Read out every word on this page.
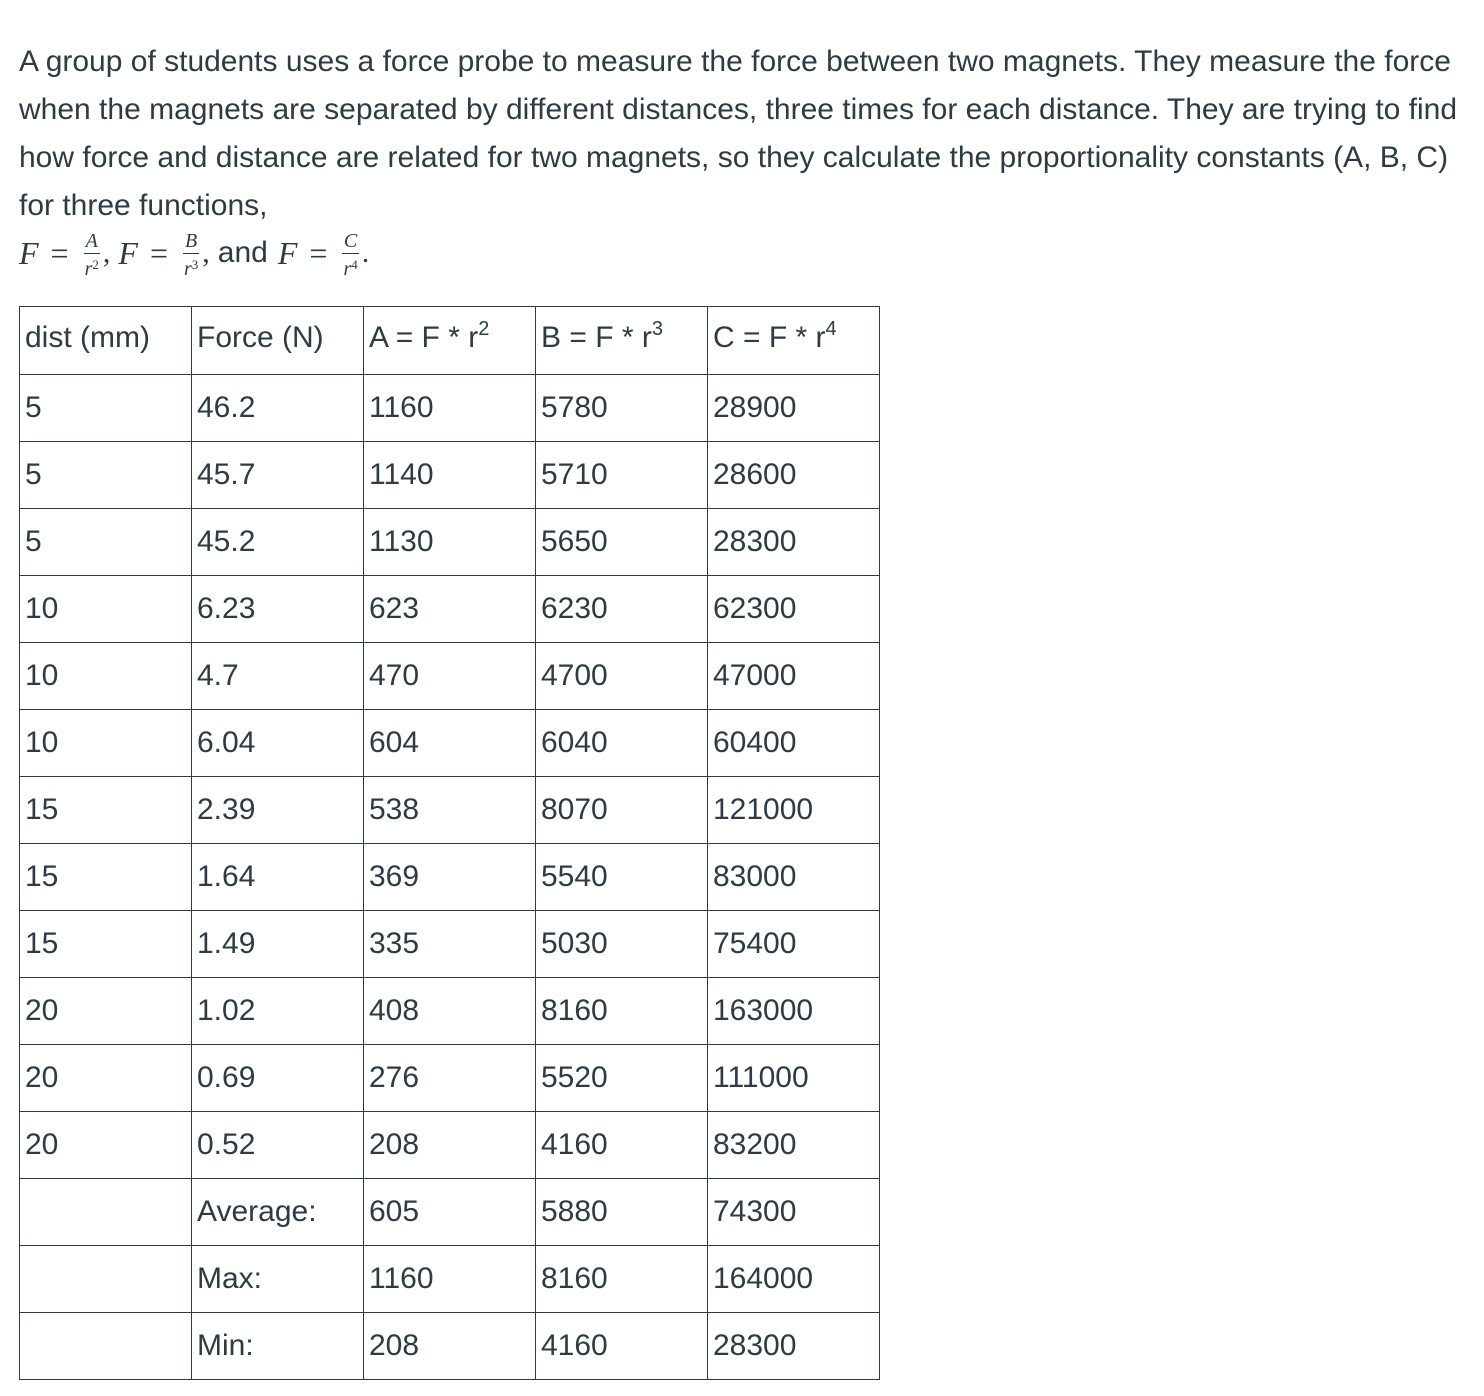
A group of students uses a force probe to measure the force between two magnets. They measure the force when the magnets are separated by different distances, three times for each distance. They are trying to find how force and distance are related for two magnets, so they calculate the proportionality constants (A, B, C) for three functions,

$F = \frac{A}{r^2}$ , $F = \frac{B}{r^3}$ , and $F = \frac{C}{r^4}$ .
dist (mm)	Force (N)	$A = F * r^2$	$B = F * r^3$	$C = F * r^4$
5	46.2	1160	5780	28900
5	45.7	1140	5710	28600
5	45.2	1130	5650	28300
10	6.23	623	6230	62300
10	4.7	470	4700	47000
10	6.04	604	6040	60400
15	2.39	538	8070	121000
15	1.64	369	5540	83000
15	1.49	335	5030	75400
20	1.02	408	8160	163000
20	0.69	276	5520	111000
20	0.52	208	4160	83200
	Average:	605	5880	74300
	Max:	1160	8160	164000
	Min:	208	4160	28300
